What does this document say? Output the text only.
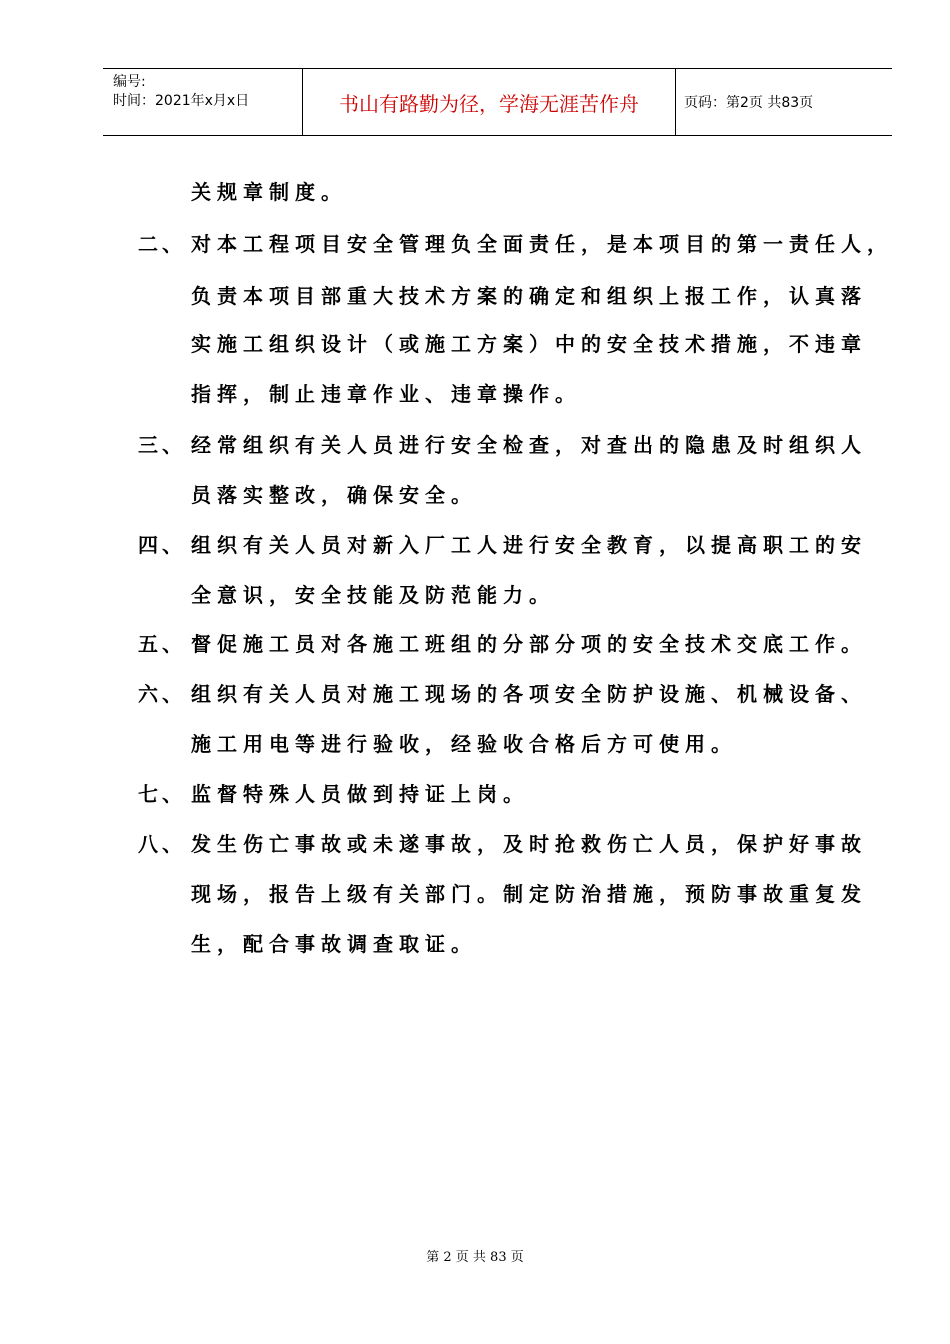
编号:
时间：2021年x月x日	书山有路勤为径，学海无涯苦作舟	页码：第2页 共83页
关规章制度。
二、 对本工程项目安全管理负全面责任，是本项目的第一责任人，
负责本项目部重大技术方案的确定和组织上报工作，认真落
实施工组织设计（或施工方案）中的安全技术措施，不违章
指挥，制止违章作业、违章操作。
三、 经常组织有关人员进行安全检查，对查出的隐患及时组织人
员落实整改，确保安全。
四、 组织有关人员对新入厂工人进行安全教育，以提高职工的安
全意识，安全技能及防范能力。
五、 督促施工员对各施工班组的分部分项的安全技术交底工作。
六、 组织有关人员对施工现场的各项安全防护设施、机械设备、
施工用电等进行验收，经验收合格后方可使用。
七、 监督特殊人员做到持证上岗。
八、 发生伤亡事故或未遂事故，及时抢救伤亡人员，保护好事故
现场，报告上级有关部门。制定防治措施，预防事故重复发
生，配合事故调查取证。
第 2 页 共 83 页
